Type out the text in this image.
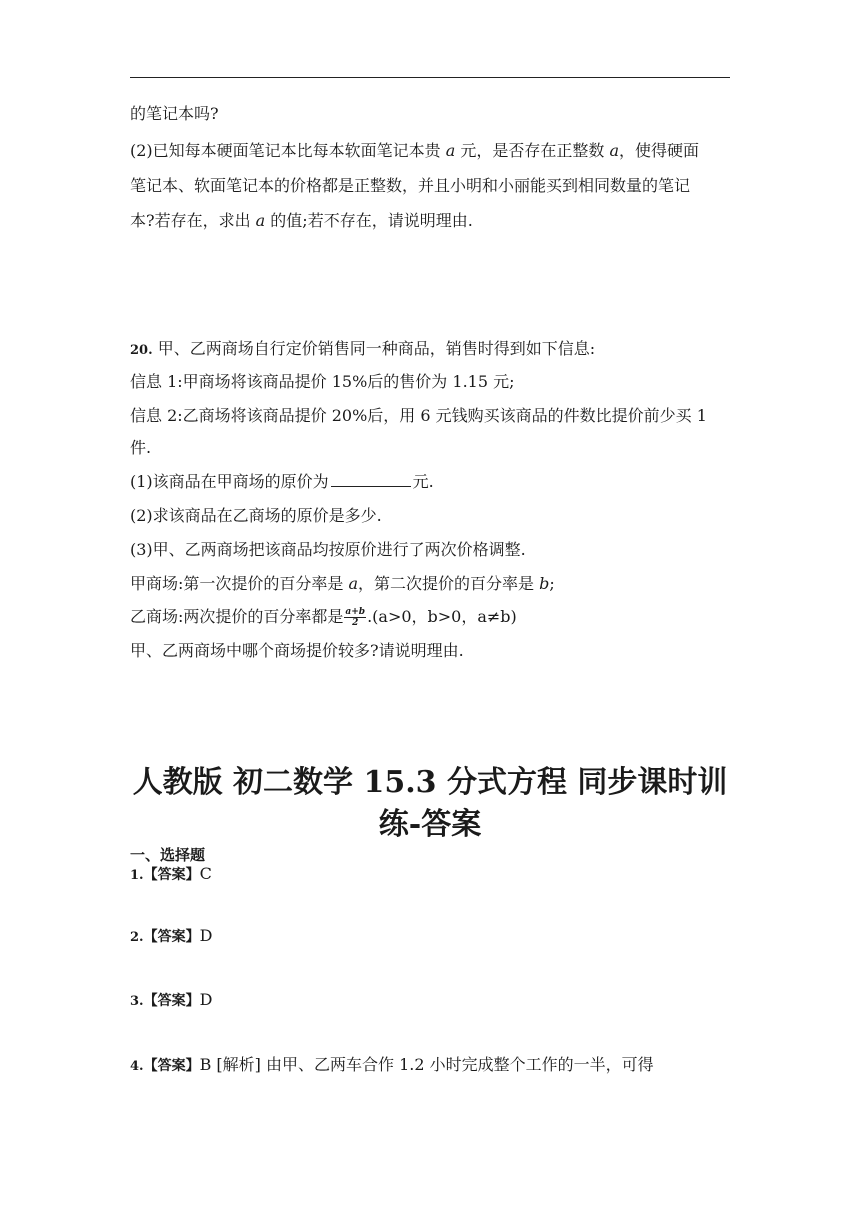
的笔记本吗?
(2)已知每本硬面笔记本比每本软面笔记本贵 a 元，是否存在正整数 a，使得硬面
笔记本、软面笔记本的价格都是正整数，并且小明和小丽能买到相同数量的笔记
本?若存在，求出 a 的值;若不存在，请说明理由.
20. 甲、乙两商场自行定价销售同一种商品，销售时得到如下信息:
信息 1:甲商场将该商品提价 15%后的售价为 1.15 元;
信息 2:乙商场将该商品提价 20%后，用 6 元钱购买该商品的件数比提价前少买 1
件.
(1)该商品在甲商场的原价为	元.
(2)求该商品在乙商场的原价是多少.
(3)甲、乙两商场把该商品均按原价进行了两次价格调整.
甲商场:第一次提价的百分率是 a，第二次提价的百分率是 b;
乙商场:两次提价的百分率都是 $\frac{a+b}{2} .(a>0$，b>0，a≠b)
甲、乙两商场中哪个商场提价较多?请说明理由.
人教版 初二数学 15.3 分式方程 同步课时训
练-答案
一、选择题
1.【答案】C
2.【答案】D
3.【答案】D
4.【答案】B [解析] 由甲、乙两车合作 1.2 小时完成整个工作的一半，可得
